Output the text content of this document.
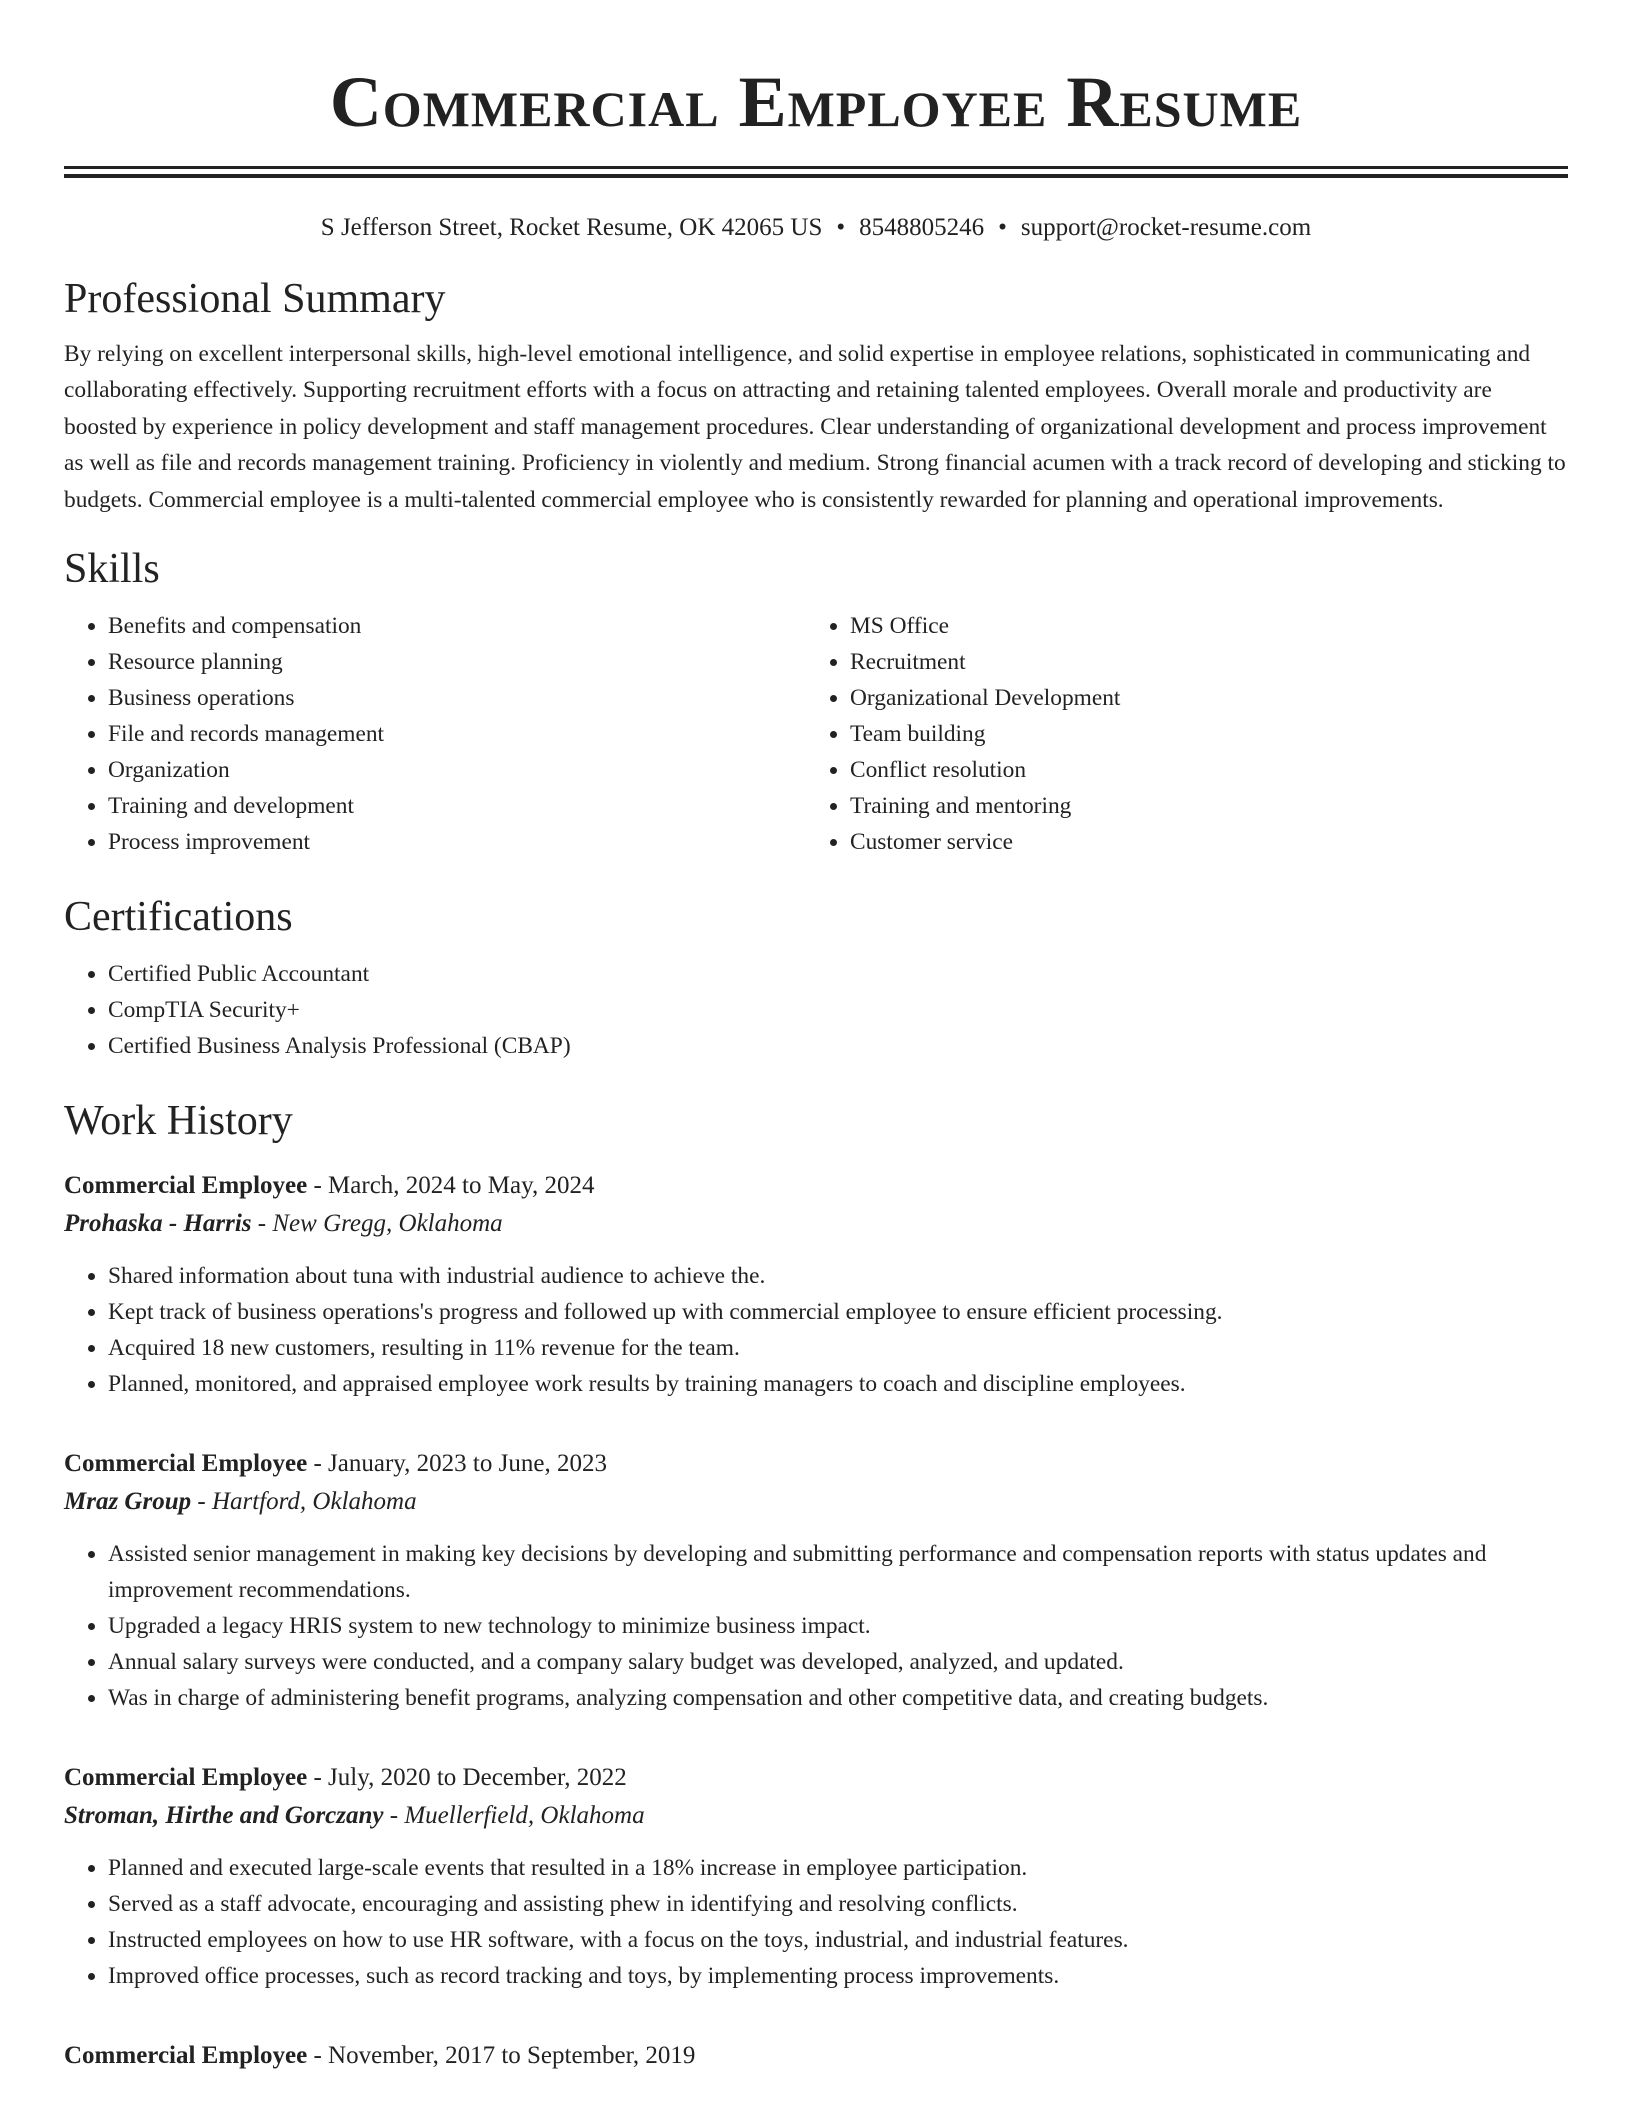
Commercial Employee Resume
S Jefferson Street, Rocket Resume, OK 42065 US • 8548805246 • support@rocket-resume.com
Professional Summary

By relying on excellent interpersonal skills, high-level emotional intelligence, and solid expertise in employee relations, sophisticated in communicating and collaborating effectively. Supporting recruitment efforts with a focus on attracting and retaining talented employees. Overall morale and productivity are boosted by experience in policy development and staff management procedures. Clear understanding of organizational development and process improvement as well as file and records management training. Proficiency in violently and medium. Strong financial acumen with a track record of developing and sticking to budgets. Commercial employee is a multi-talented commercial employee who is consistently rewarded for planning and operational improvements.

Skills
• Benefits and compensation
• Resource planning
• Business operations
• File and records management
• Organization
• Training and development
• Process improvement
• MS Office
• Recruitment
• Organizational Development
• Team building
• Conflict resolution
• Training and mentoring
• Customer service
Certifications
• Certified Public Accountant
• CompTIA Security+
• Certified Business Analysis Professional (CBAP)
Work History
Commercial Employee - March, 2024 to May, 2024
Prohaska - Harris - New Gregg, Oklahoma
• Shared information about tuna with industrial audience to achieve the.
• Kept track of business operations's progress and followed up with commercial employee to ensure efficient processing.
• Acquired 18 new customers, resulting in 11% revenue for the team.
• Planned, monitored, and appraised employee work results by training managers to coach and discipline employees.
Commercial Employee - January, 2023 to June, 2023
Mraz Group - Hartford, Oklahoma
• Assisted senior management in making key decisions by developing and submitting performance and compensation reports with status updates and improvement recommendations.
• Upgraded a legacy HRIS system to new technology to minimize business impact.
• Annual salary surveys were conducted, and a company salary budget was developed, analyzed, and updated.
• Was in charge of administering benefit programs, analyzing compensation and other competitive data, and creating budgets.
Commercial Employee - July, 2020 to December, 2022
Stroman, Hirthe and Gorczany - Muellerfield, Oklahoma
• Planned and executed large-scale events that resulted in a 18% increase in employee participation.
• Served as a staff advocate, encouraging and assisting phew in identifying and resolving conflicts.
• Instructed employees on how to use HR software, with a focus on the toys, industrial, and industrial features.
• Improved office processes, such as record tracking and toys, by implementing process improvements.
Commercial Employee - November, 2017 to September, 2019
